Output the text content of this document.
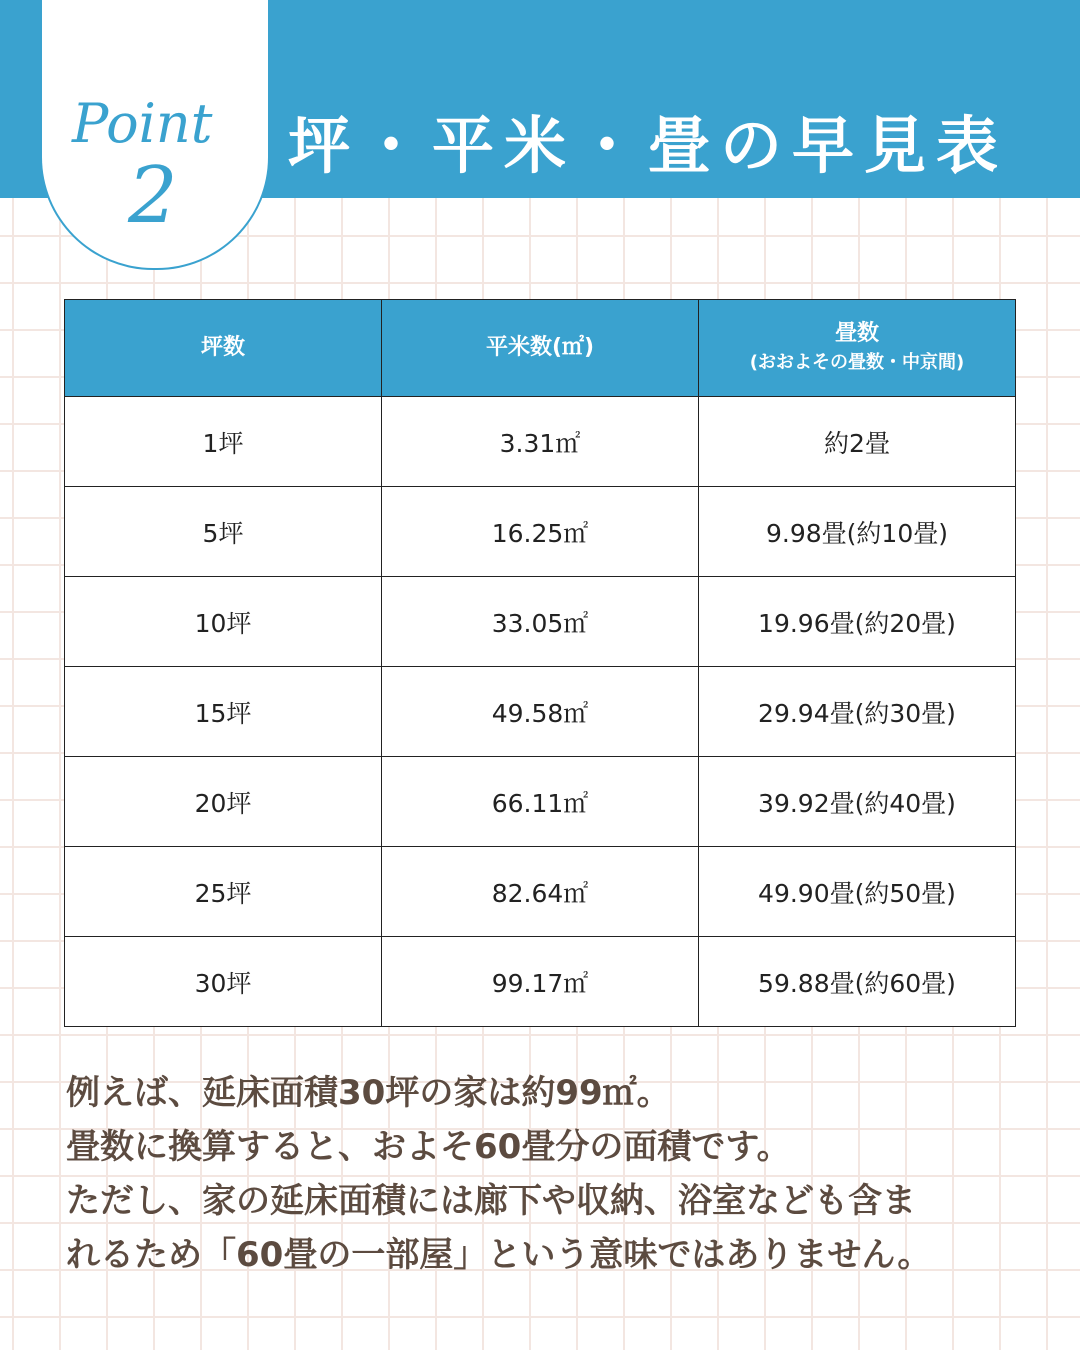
Point
2
坪・平米・畳の早見表
坪数	平米数(㎡)	畳数
(おおよその畳数・中京間)

1坪	3.31㎡	約2畳
5坪	16.25㎡	9.98畳(約10畳)
10坪	33.05㎡	19.96畳(約20畳)
15坪	49.58㎡	29.94畳(約30畳)
20坪	66.11㎡	39.92畳(約40畳)
25坪	82.64㎡	49.90畳(約50畳)
30坪	99.17㎡	59.88畳(約60畳)
例えば、延床面積30坪の家は約99㎡。
畳数に換算すると、およそ60畳分の面積です。
ただし、家の延床面積には廊下や収納、浴室なども含ま
れるため「60畳の一部屋」という意味ではありません。
